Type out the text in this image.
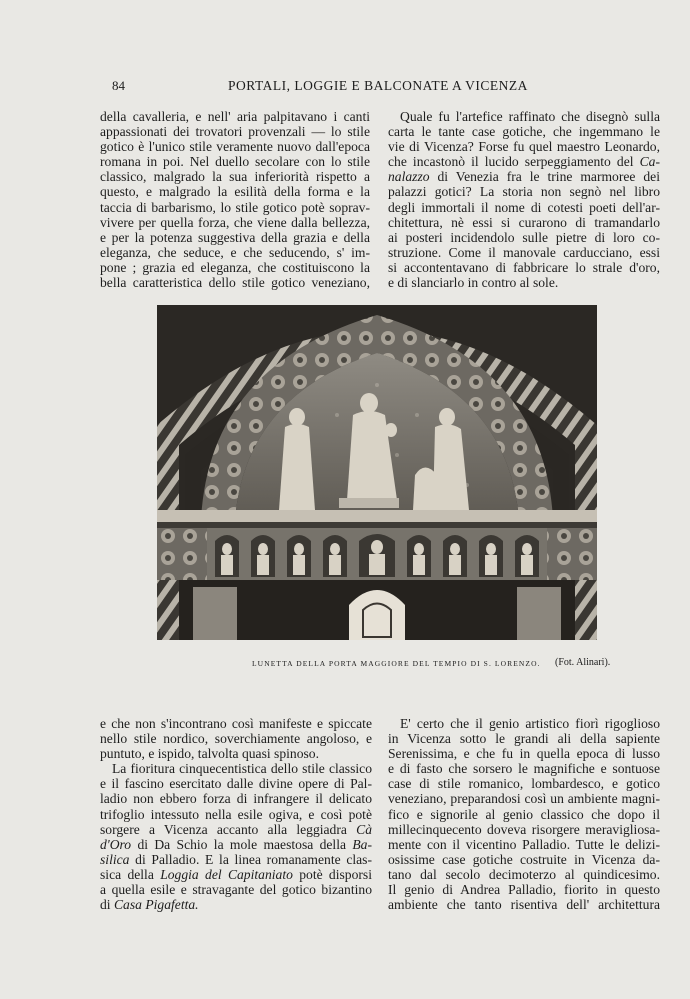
84	PORTALI, LOGGIE E BALCONATE A VICENZA

della cavalleria, e nell' aria palpitavano i canti
appassionati dei trovatori provenzali — lo stile
gotico è l'unico stile veramente nuovo dall'epoca
romana in poi. Nel duello secolare con lo stile
classico, malgrado la sua inferiorità rispetto a
questo, e malgrado la esilità della forma e la
taccia di barbarismo, lo stile gotico potè soprav-
vivere per quella forza, che viene dalla bellezza,
e per la potenza suggestiva della grazia e della
eleganza, che seduce, e che seducendo, s' im-
pone ; grazia ed eleganza, che costituiscono la
bella caratteristica dello stile gotico veneziano,

Quale fu l'artefice raffinato che disegnò sulla
carta le tante case gotiche, che ingemmano le
vie di Vicenza? Forse fu quel maestro Leonardo,
che incastonò il lucido serpeggiamento del Ca-
nalazzo di Venezia fra le trine marmoree dei
palazzi gotici? La storia non segnò nel libro
degli immortali il nome di cotesti poeti dell'ar-
chitettura, nè essi si curarono di tramandarlo
ai posteri incidendolo sulle pietre di loro co-
struzione. Come il manovale carducciano, essi
si accontentavano di fabbricare lo strale d'oro,
e di slanciarlo in contro al sole.

LUNETTA DELLA PORTA MAGGIORE DEL TEMPIO DI S. LORENZO. (Fot. Alinari).

e che non s'incontrano così manifeste e spiccate
nello stile nordico, soverchiamente angoloso, e
puntuto, e ispido, talvolta quasi spinoso.

La fioritura cinquecentistica dello stile classico
e il fascino esercitato dalle divine opere di Pal-
ladio non ebbero forza di infrangere il delicato
trifoglio intessuto nella esile ogiva, e così potè
sorgere a Vicenza accanto alla leggiadra Cà
d'Oro di Da Schio la mole maestosa della Ba-
silica di Palladio. E la linea romanamente clas-
sica della Loggia del Capitaniato potè disporsi
a quella esile e stravagante del gotico bizantino
di Casa Pigafetta.

E' certo che il genio artistico fiorì rigoglioso
in Vicenza sotto le grandi ali della sapiente
Serenissima, e che fu in quella epoca di lusso
e di fasto che sorsero le magnifiche e sontuose
case di stile romanico, lombardesco, e gotico
veneziano, preparandosi così un ambiente magni-
fico e signorile al genio classico che dopo il
millecinquecento doveva risorgere meravigliosa-
mente con il vicentino Palladio. Tutte le delizi-
osissime case gotiche costruite in Vicenza da-
tano dal secolo decimoterzo al quindicesimo.
Il genio di Andrea Palladio, fiorito in questo
ambiente che tanto risentiva dell' architettura
